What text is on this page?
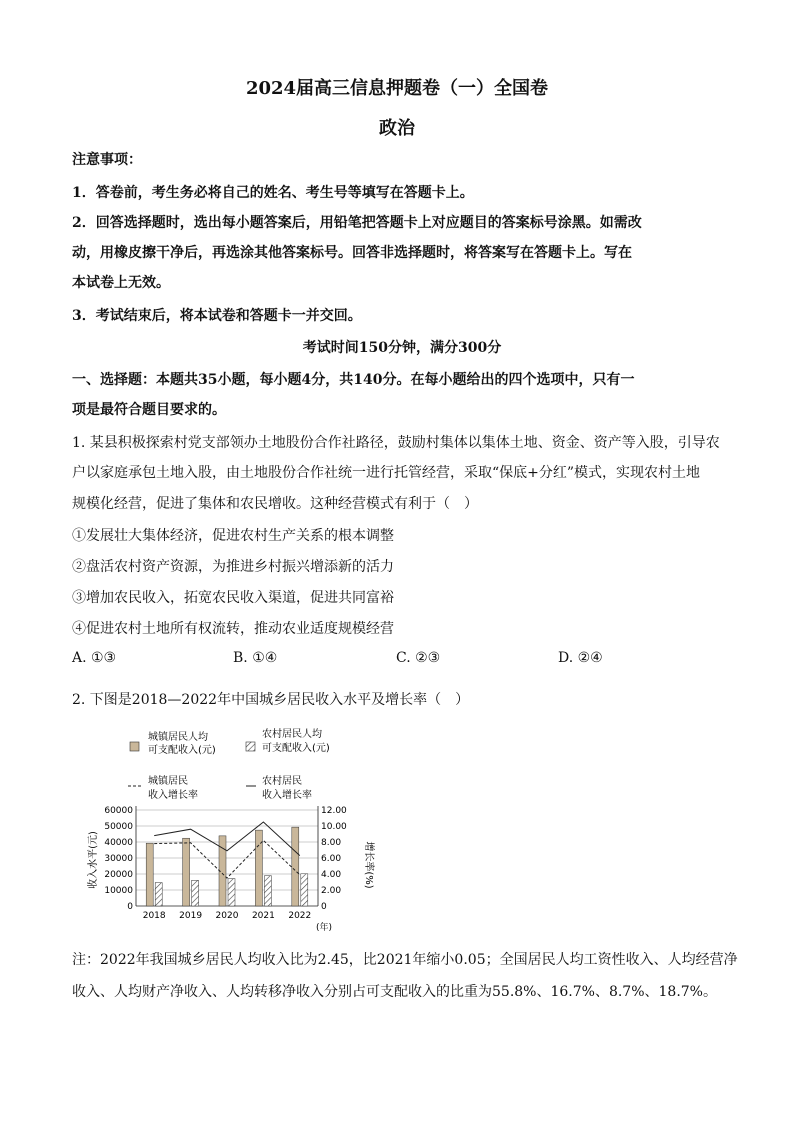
2024届高三信息押题卷（一）全国卷
政治
注意事项：
1．答卷前，考生务必将自己的姓名、考生号等填写在答题卡上。
2．回答选择题时，选出每小题答案后，用铅笔把答题卡上对应题目的答案标号涂黑。如需改
动，用橡皮擦干净后，再选涂其他答案标号。回答非选择题时，将答案写在答题卡上。写在
本试卷上无效。
3．考试结束后，将本试卷和答题卡一并交回。
考试时间150分钟，满分300分
一、选择题：本题共35小题，每小题4分，共140分。在每小题给出的四个选项中，只有一
项是最符合题目要求的。
1. 某县积极探索村党支部领办土地股份合作社路径，鼓励村集体以集体土地、资金、资产等入股，引导农
户以家庭承包土地入股，由土地股份合作社统一进行托管经营，采取“保底+分红”模式，实现农村土地
规模化经营，促进了集体和农民增收。这种经营模式有利于（　）
①发展壮大集体经济，促进农村生产关系的根本调整
②盘活农村资产资源，为推进乡村振兴增添新的活力
③增加农民收入，拓宽农民收入渠道，促进共同富裕
④促进农村土地所有权流转，推动农业适度规模经营
A. ①③	B. ①④	C. ②③	D. ②④
2. 下图是2018—2022年中国城乡居民收入水平及增长率（　）
城镇居民人均
可支配收入(元)
农村居民人均
可支配收入(元)
城镇居民
收入增长率
农村居民
收入增长率
收入水平(元)	增长率(%)
0
10000
20000
30000
40000
50000
60000
0
2.00
4.00
6.00
8.00
10.00
12.00
2018 2019 2020 2021 2022
(年)
注：2022年我国城乡居民人均收入比为2.45，比2021年缩小0.05；全国居民人均工资性收入、人均经营净
收入、人均财产净收入、人均转移净收入分别占可支配收入的比重为55.8%、16.7%、8.7%、18.7%。
